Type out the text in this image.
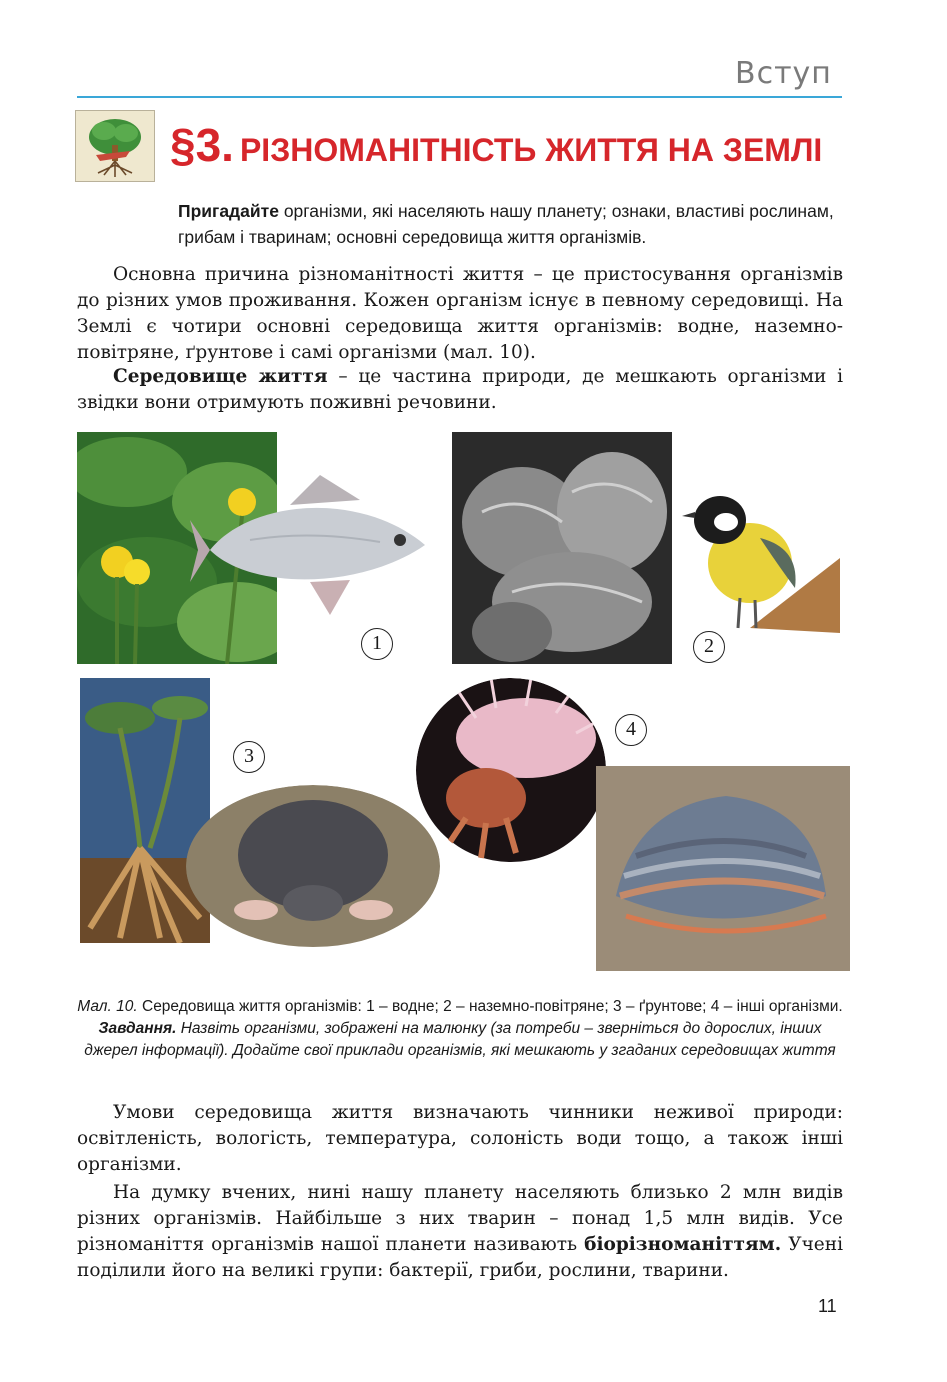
Вступ
§3. РІЗНОМАНІТНІСТЬ ЖИТТЯ НА ЗЕМЛІ
Пригадайте організми, які населяють нашу планету; ознаки, властиві рослинам, грибам і тваринам; основні середовища життя організмів.
Основна причина різноманітності життя – це пристосування організмів до різних умов проживання. Кожен організм існує в певному середовищі. На Землі є чотири основні середовища життя організмів: водне, наземно-повітряне, ґрунтове і самі організми (мал. 10).
Середовище життя – це частина природи, де мешкають організми і звідки вони отримують поживні речовини.
1	2
3
4
Мал. 10. Середовища життя організмів: 1 – водне; 2 – наземно-повітряне; 3 – ґрунтове; 4 – інші організми. Завдання. Назвіть організми, зображені на малюнку (за потреби – зверніться до дорослих, інших джерел інформації). Додайте свої приклади організмів, які мешкають у згаданих середовищах життя
Умови середовища життя визначають чинники неживої природи: освітленість, вологість, температура, солоність води тощо, а також інші організми.
На думку вчених, нині нашу планету населяють близько 2 млн видів різних організмів. Найбільше з них тварин – понад 1,5 млн видів. Усе різноманіття організмів нашої планети називають біорізноманіттям. Учені поділили його на великі групи: бактерії, гриби, рослини, тварини.
11
